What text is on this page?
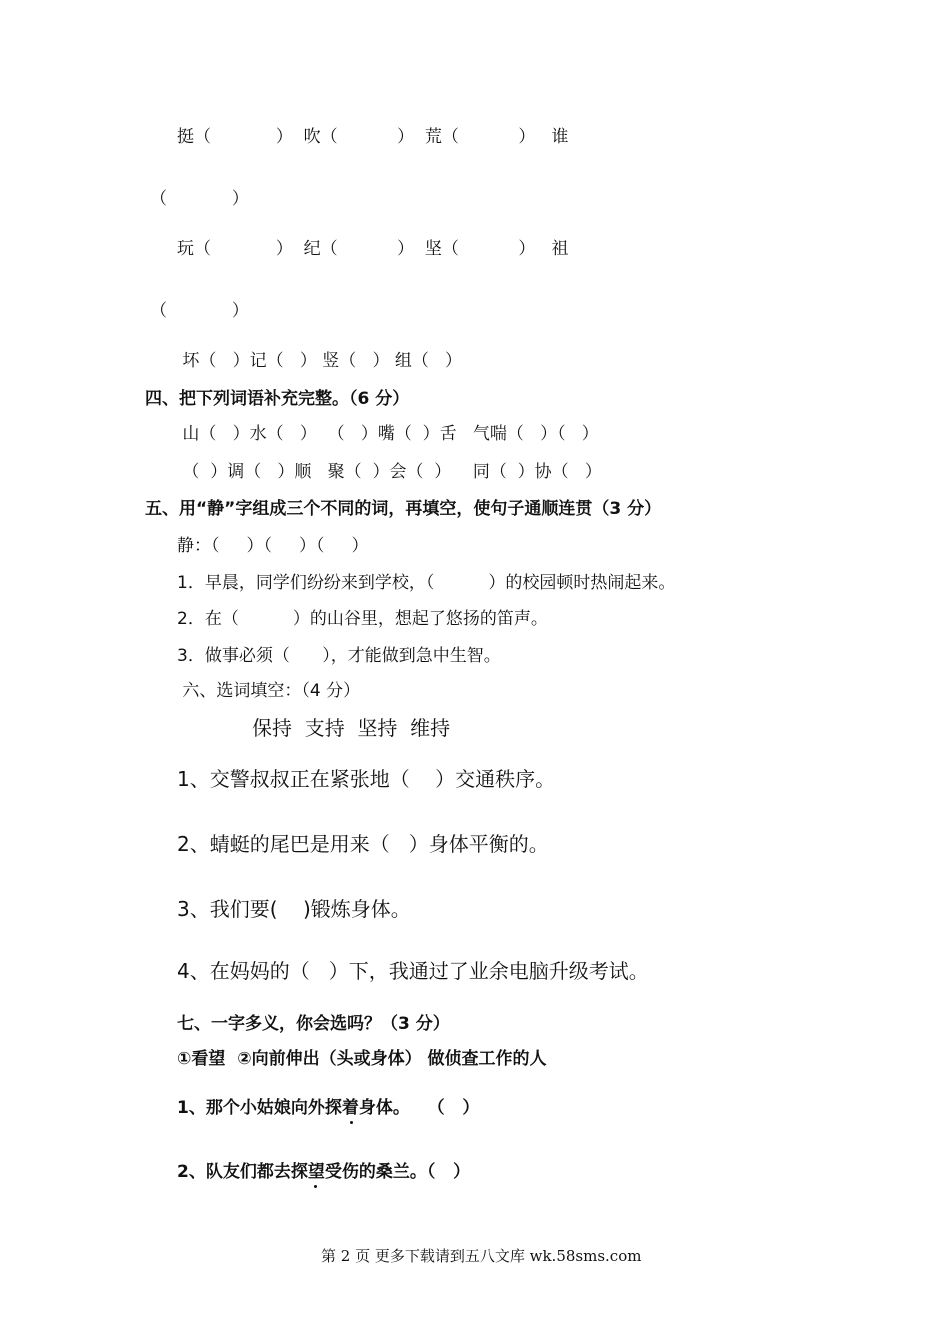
挺（            ）  吹（           ）  荒（           ）   谁
（            ）
玩（            ）  纪（           ）  坚（           ）   祖
（            ）
坏（   ）记（   ） 竖（   ） 组（   ）
四、把下列词语补充完整。（6 分）
山（   ）水（   ）  （   ）嘴（  ）舌   气喘（   ）（   ）
（  ）调（   ）顺   聚（  ）会（  ）    同（  ）协（   ）
五、用“静”字组成三个不同的词，再填空，使句子通顺连贯（3 分）
静：（     ）（     ）（     ）
1．早晨，同学们纷纷来到学校，（          ）的校园顿时热闹起来。
2．在（          ）的山谷里，想起了悠扬的笛声。
3．做事必须（      ），才能做到急中生智。
六、选词填空：（4 分）
保持  支持  坚持  维持
1、交警叔叔正在紧张地（    ）交通秩序。
2、蜻蜓的尾巴是用来（   ）身体平衡的。
3、我们要(    )锻炼身体。
4、在妈妈的（   ）下，我通过了业余电脑升级考试。
七、一字多义，你会选吗？（3 分）
①看望  ②向前伸出（头或身体） 做侦查工作的人
1、那个小姑娘向外探着身体。   （   ）
2、队友们都去探望受伤的桑兰。（   ）
第 2 页 更多下载请到五八文库 wk.58sms.com
